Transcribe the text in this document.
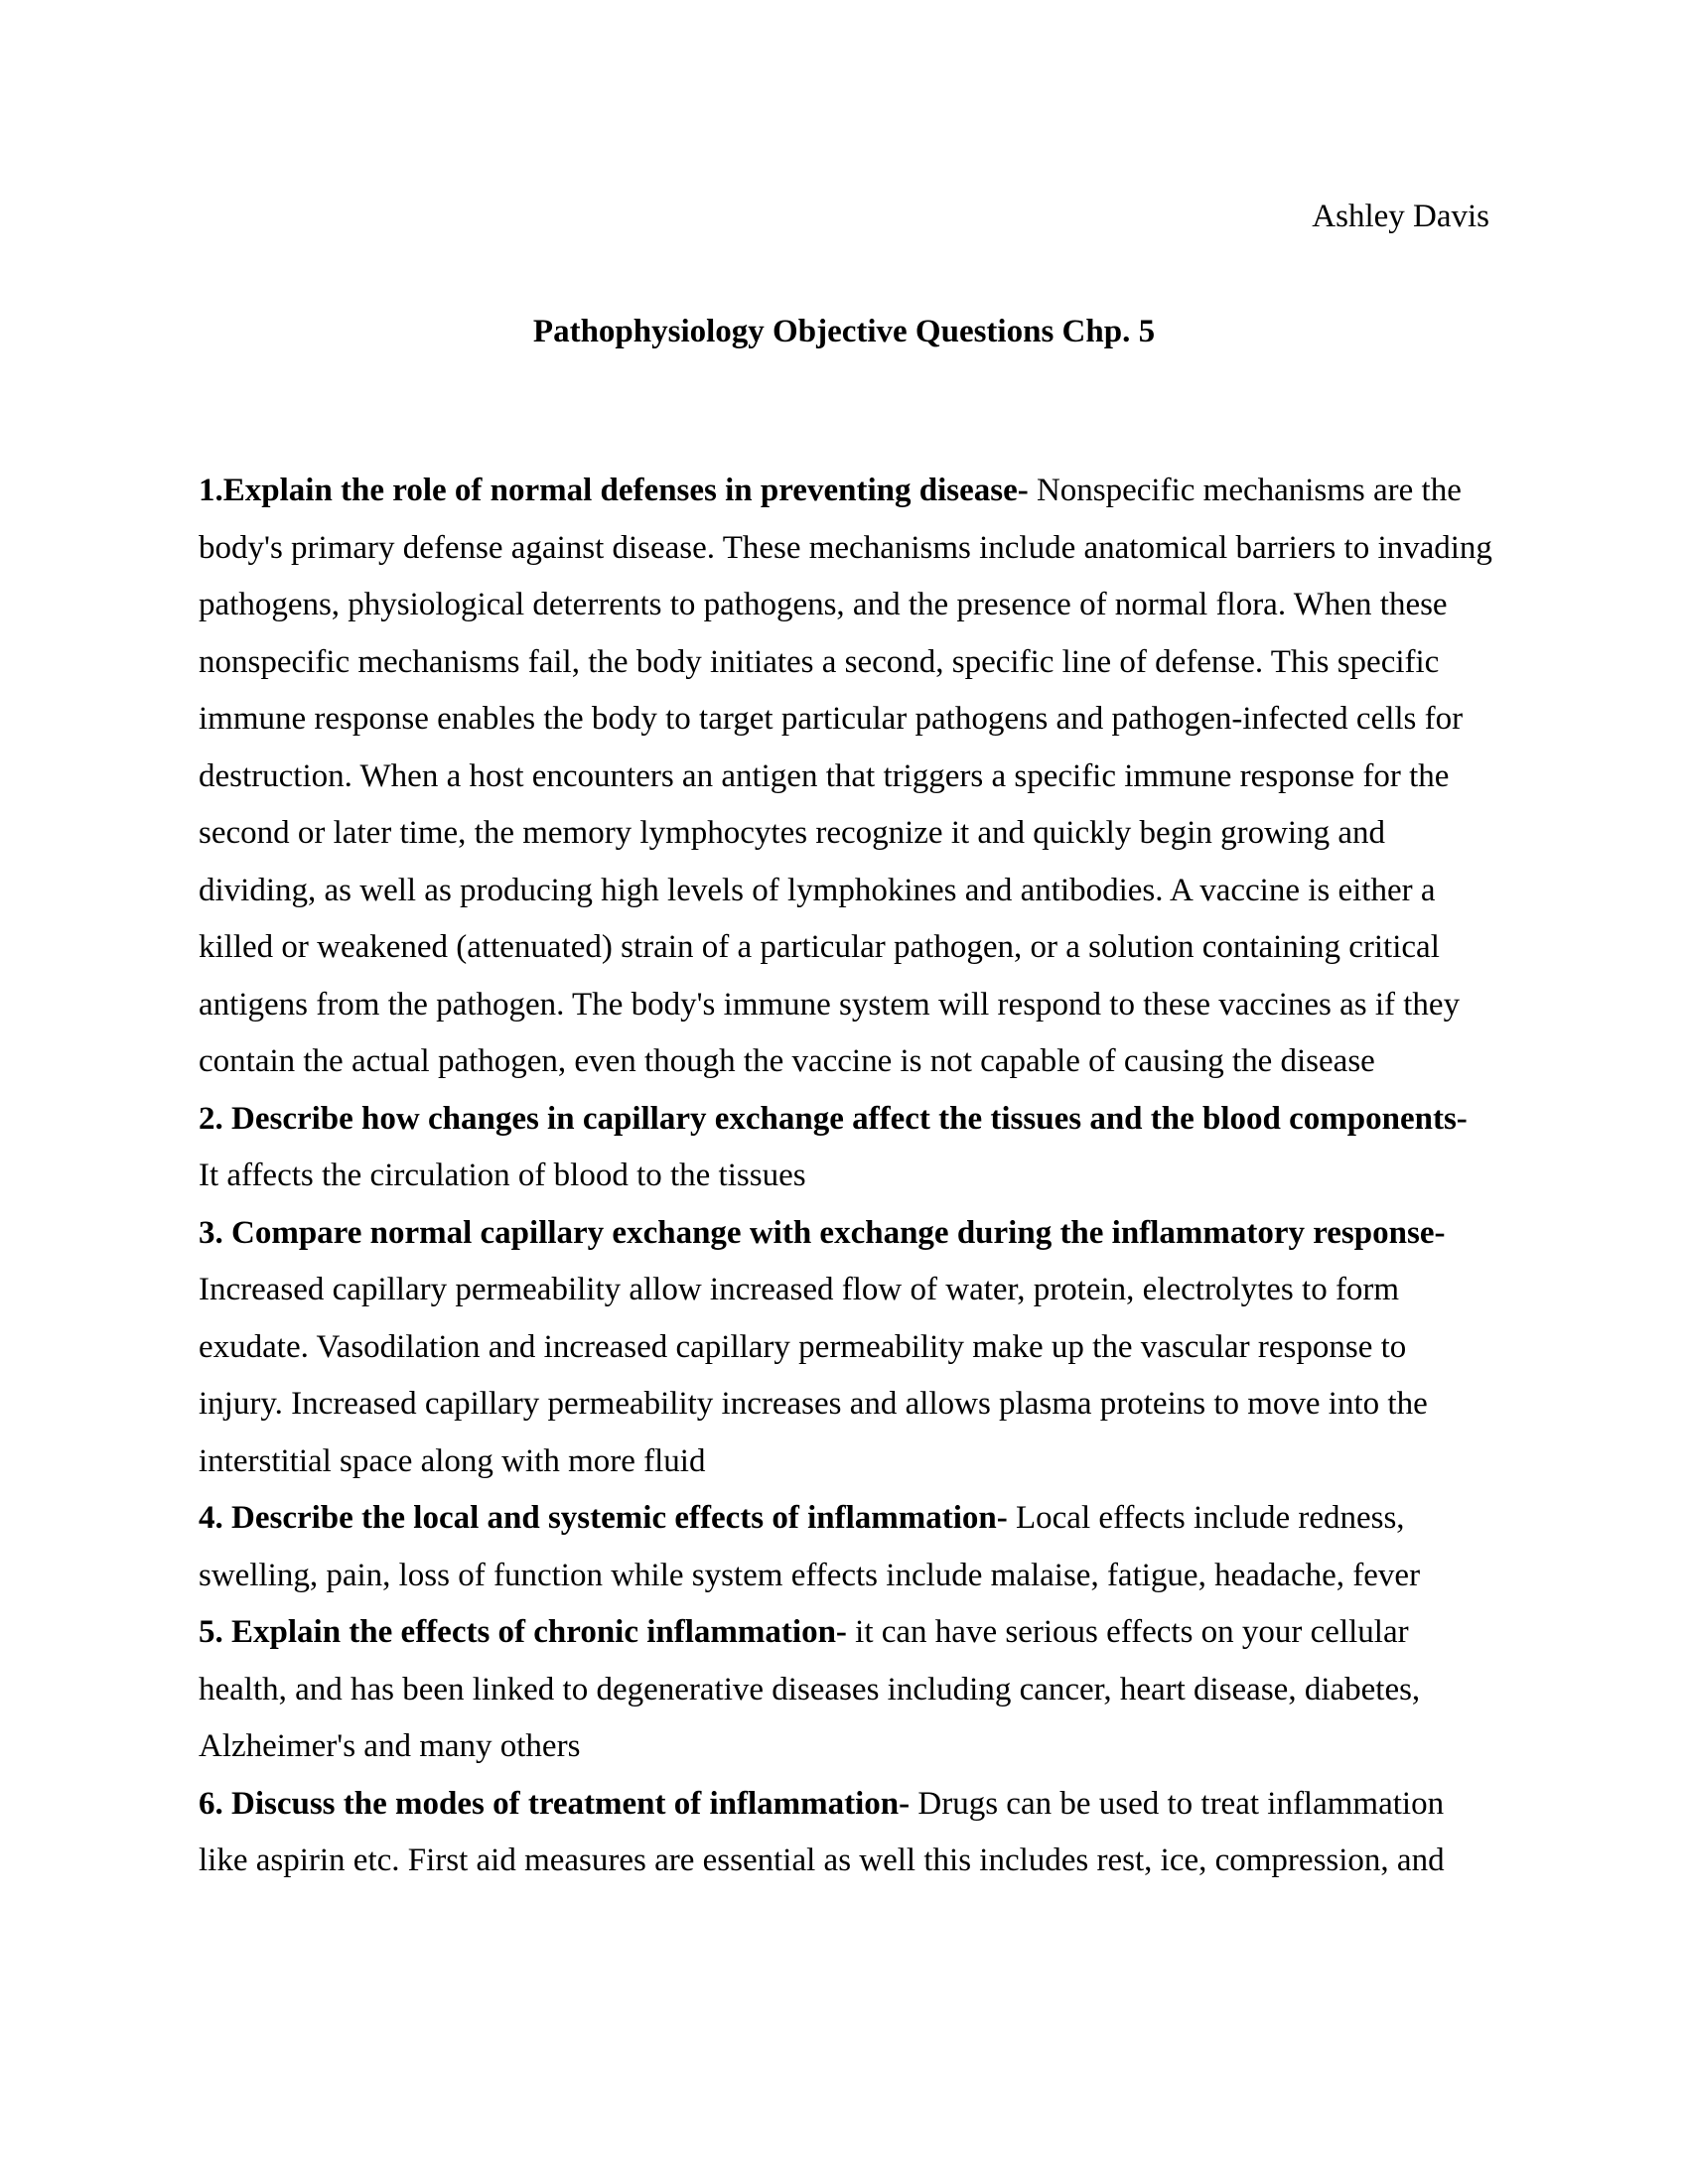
Ashley Davis
Pathophysiology Objective Questions Chp. 5

1.Explain the role of normal defenses in preventing disease- Nonspecific mechanisms are the body's primary defense against disease. These mechanisms include anatomical barriers to invading pathogens, physiological deterrents to pathogens, and the presence of normal flora. When these nonspecific mechanisms fail, the body initiates a second, specific line of defense. This specific immune response enables the body to target particular pathogens and pathogen-infected cells for destruction. When a host encounters an antigen that triggers a specific immune response for the second or later time, the memory lymphocytes recognize it and quickly begin growing and dividing, as well as producing high levels of lymphokines and antibodies. A vaccine is either a killed or weakened (attenuated) strain of a particular pathogen, or a solution containing critical antigens from the pathogen. The body's immune system will respond to these vaccines as if they contain the actual pathogen, even though the vaccine is not capable of causing the disease

2. Describe how changes in capillary exchange affect the tissues and the blood components- It affects the circulation of blood to the tissues

3. Compare normal capillary exchange with exchange during the inflammatory response- Increased capillary permeability allow increased flow of water, protein, electrolytes to form exudate. Vasodilation and increased capillary permeability make up the vascular response to injury. Increased capillary permeability increases and allows plasma proteins to move into the interstitial space along with more fluid

4. Describe the local and systemic effects of inflammation- Local effects include redness, swelling, pain, loss of function while system effects include malaise, fatigue, headache, fever

5. Explain the effects of chronic inflammation- it can have serious effects on your cellular health, and has been linked to degenerative diseases including cancer, heart disease, diabetes, Alzheimer's and many others

6. Discuss the modes of treatment of inflammation- Drugs can be used to treat inflammation like aspirin etc. First aid measures are essential as well this includes rest, ice, compression, and
